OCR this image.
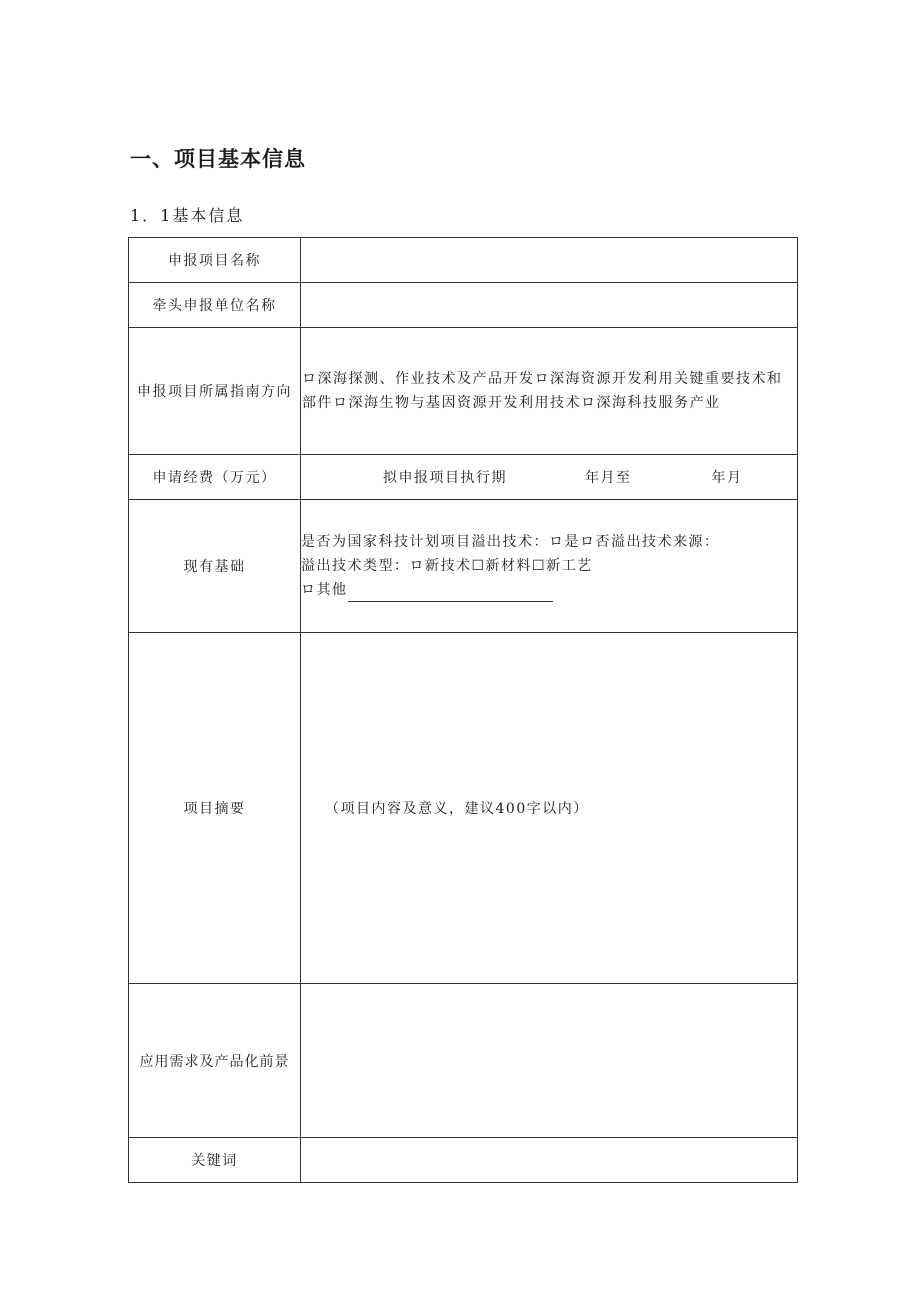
一、项目基本信息
1．1基本信息
申报项目名称	
牵头申报单位名称	
申报项目所属指南方向	ロ深海探测、作业技术及产品开发ロ深海资源开发利用关键重要技术和部件ロ深海生物与基因资源开发利用技术ロ深海科技服务产业

申请经费（万元）	拟申报项目执行期 年月至 年月

现有基础	是否为国家科技计划项目溢出技术：ロ是ロ否溢出技术来源：
溢出技术类型：ロ新技术☐新材料☐新工艺
ロ其他

项目摘要	（项目内容及意义，建议400字以内）

应用需求及产品化前景	
关键词	
